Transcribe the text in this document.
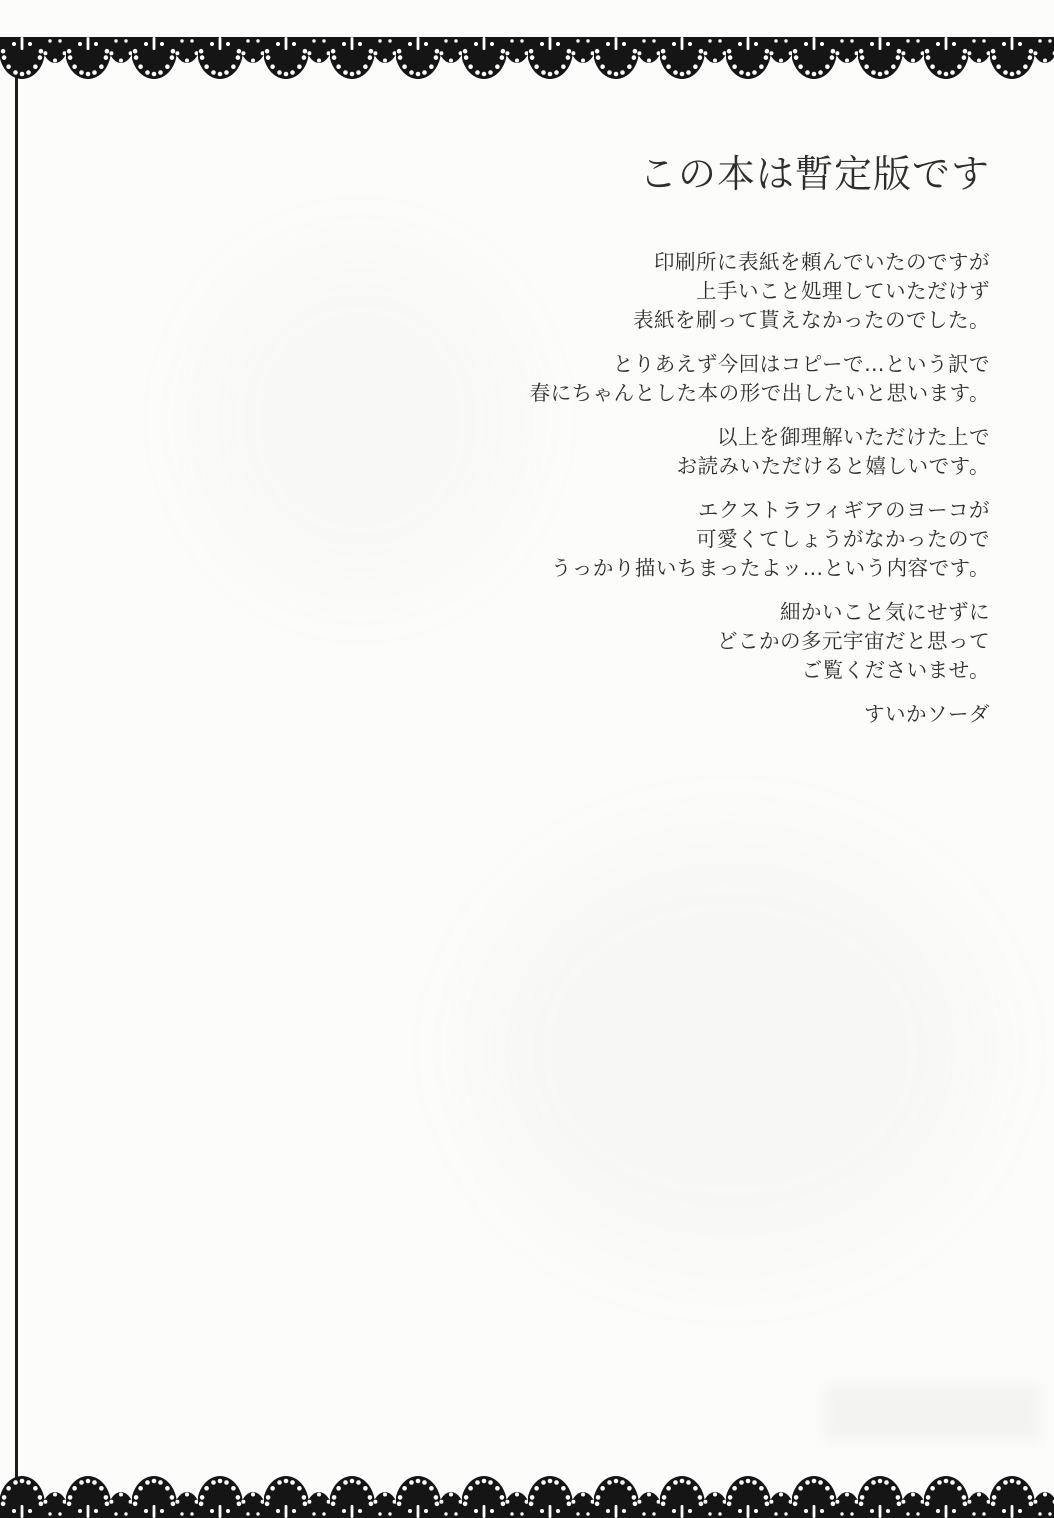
この本は暫定版です

印刷所に表紙を頼んでいたのですが
上手いこと処理していただけず
表紙を刷って貰えなかったのでした。

とりあえず今回はコピーで…という訳で
春にちゃんとした本の形で出したいと思います。

以上を御理解いただけた上で
お読みいただけると嬉しいです。

エクストラフィギアのヨーコが
可愛くてしょうがなかったので
うっかり描いちまったよッ…という内容です。

細かいこと気にせずに
どこかの多元宇宙だと思って
ご覧くださいませ。

すいかソーダ
